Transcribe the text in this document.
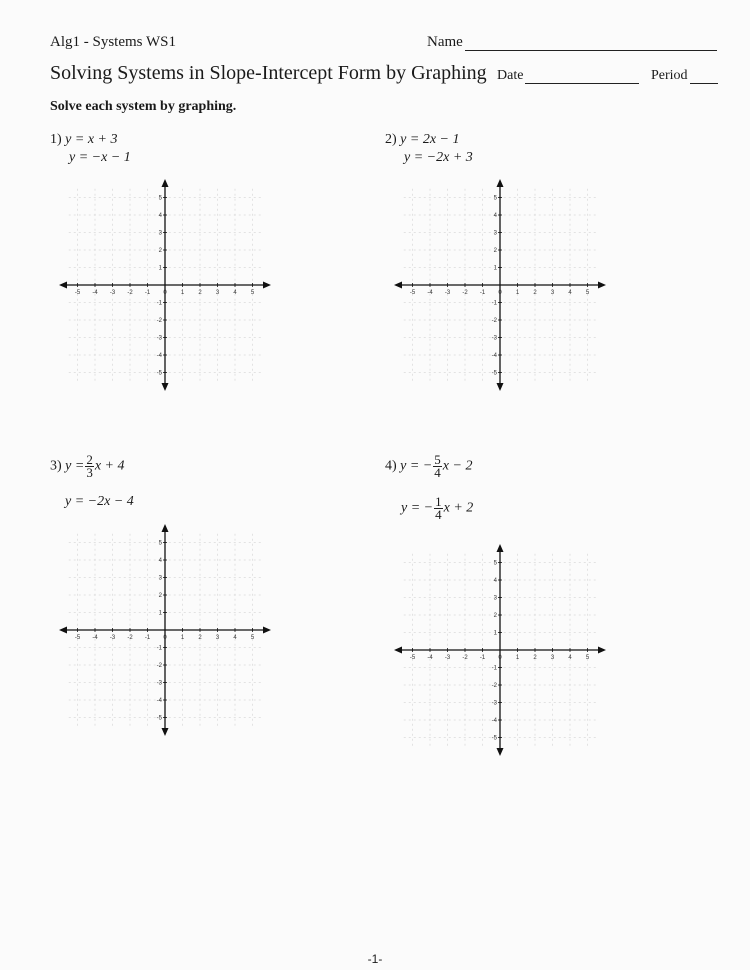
Alg1 - Systems WS1	Name
Solving Systems in Slope-Intercept Form by Graphing Date	Period
Solve each system by graphing.
1) y = x + 3
y = −x − 1
2) y = 2x − 1
y = −2x + 3
3) $y = \frac{2}{3}$ x + 4
y = −2x − 4
4) y = − $\frac{5}{4}$ x − 2
y = − $\frac{1}{4}$ x + 2
-5 -4 -3 -2 -1 0 1 2 3 4 5
5
4
3
2
1
-1
-2
-3
-4
-5
-5 -4 -3 -2 -1 0 1 2 3 4 5
5
4
3
2
1
-1
-2
-3
-4
-5
-5 -4 -3 -2 -1 0 1 2 3 4 5
5
4
3
2
1
-1
-2
-3
-4
-5
-5 -4 -3 -2 -1 0 1 2 3 4 5
5
4
3
2
1
-1
-2
-3
-4
-5
-1-
